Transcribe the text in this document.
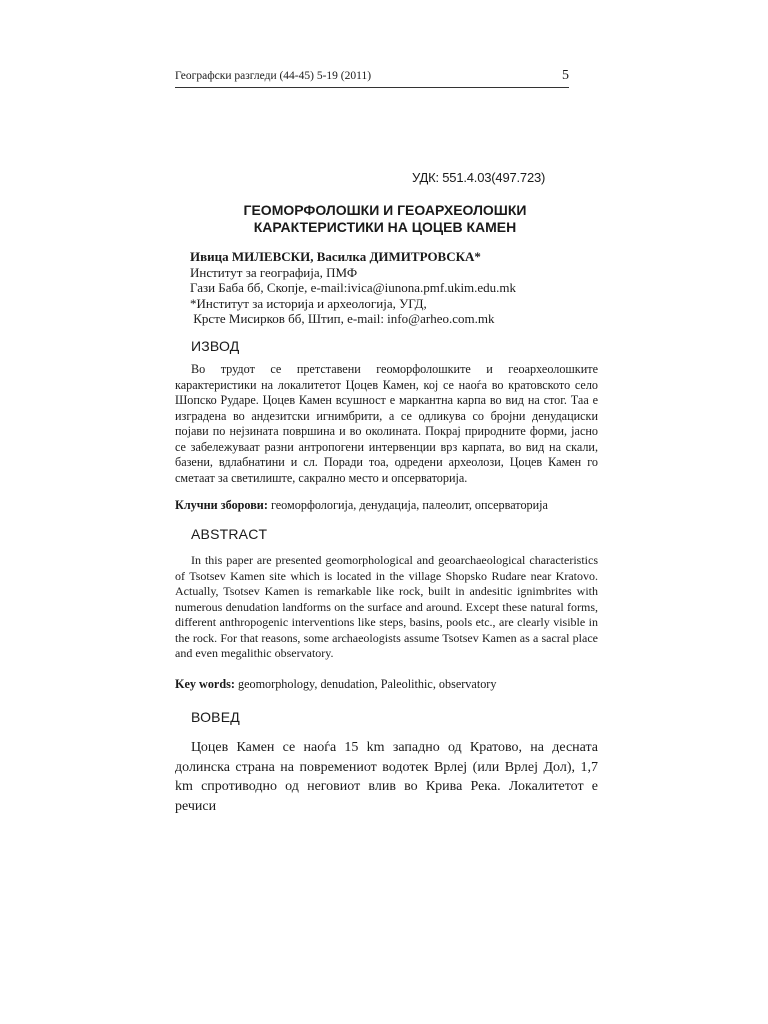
Географски разгледи (44-45) 5-19 (2011)	5
УДК: 551.4.03(497.723)
ГЕОМОРФОЛОШКИ И ГЕОАРХЕОЛОШКИ
КАРАКТЕРИСТИКИ НА ЦОЦЕВ КАМЕН
Ивица МИЛЕВСКИ, Василка ДИМИТРОВСКА*
Институт за географија, ПМФ
Гази Баба бб, Скопје, e-mail:ivica@iunona.pmf.ukim.edu.mk
*Институт за историја и археологија, УГД,
Крсте Мисирков бб, Штип, e-mail: info@arheo.com.mk
ИЗВОД
Во трудот се претставени геоморфолошките и геоархеолошките карактеристики на локалитетот Цоцев Камен, кој се наоѓа во кратовското село Шопско Рударе. Цоцев Камен всушност е маркантна карпа во вид на стог. Таа е изградена во андезитски игнимбрити, а се одликува со бројни денудациски појави по нејзината површина и во околината. Покрај природните форми, јасно се забележуваат разни антропогени интервенции врз карпата, во вид на скали, базени, вдлабнатини и сл. Поради тоа, одредени археолози, Цоцев Камен го сметаат за светилиште, сакрално место и опсерваторија.
Клучни зборови: геоморфологија, денудација, палеолит, опсерваторија
ABSTRACT
In this paper are presented geomorphological and geoarchaeological characteristics of Tsotsev Kamen site which is located in the village Shopsko Rudare near Kratovo. Actually, Tsotsev Kamen is remarkable like rock, built in andesitic ignimbrites with numerous denudation landforms on the surface and around. Except these natural forms, different anthropogenic interventions like steps, basins, pools etc., are clearly visible in the rock. For that reasons, some archaeologists assume Tsotsev Kamen as a sacral place and even megalithic observatory.
Key words: geomorphology, denudation, Paleolithic, observatory
ВОВЕД
Цоцев Камен се наоѓа 15 km западно од Кратово, на десната долинска страна на повремениот водотек Врлеј (или Врлеј Дол), 1,7 km спротиводно од неговиот влив во Крива Река. Локалитетот е речиси
